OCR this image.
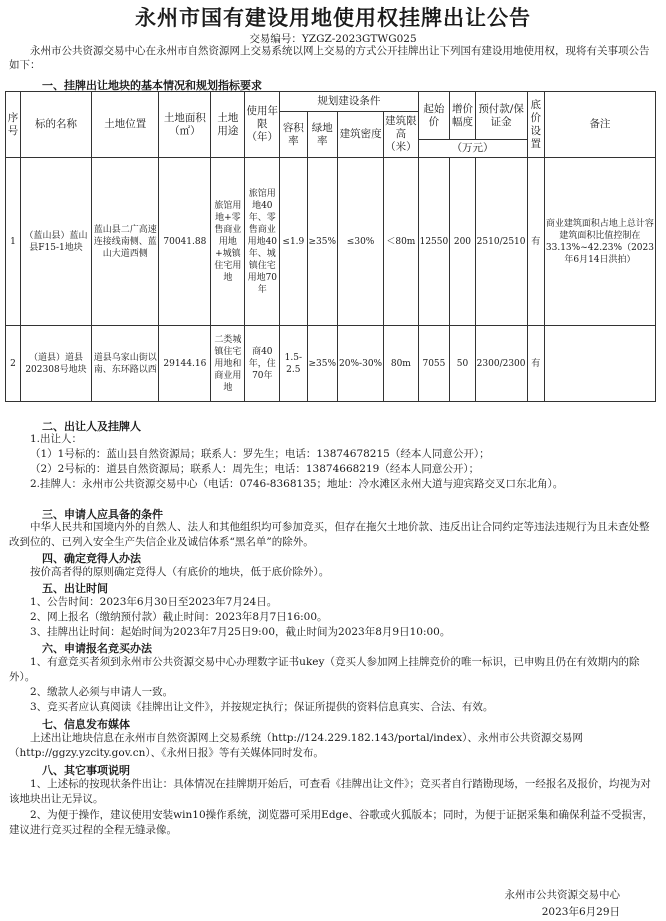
永州市国有建设用地使用权挂牌出让公告
交易编号：YZGZ-2023GTWG025
永州市公共资源交易中心在永州市自然资源网上交易系统以网上交易的方式公开挂牌出让下列国有建设用地使用权，现将有关事项公告如下：
一、挂牌出让地块的基本情况和规划指标要求
序号	标的名称	土地位置	土地面积（㎡）	土地用途	使用年限（年）	规划建设条件				起始价	增价幅度	预付款/保证金	底价设置	备注
						容积率	绿地率	建筑密度	建筑限高（米）					
										（万元）				
1	（蓝山县）蓝山县F15-1地块	蓝山县二广高速连接线南侧、蓝山大道西侧	70041.88	旅馆用地+零售商业用地+城镇住宅用地	旅馆用地40年、零售商业用地40年、城镇住宅用地70年	≤1.9	≥35%	≤30%	＜80m	12550	200	2510/2510	有	商业建筑面积占地上总计容建筑面积比值控制在33.13%~42.23%（2023年6月14日洪拍）
2	（道县）道县202308号地块	道县乌家山街以南、东环路以西	29144.16	二类城镇住宅用地和商业用地	商40年，住70年	1.5-2.5	≥35%	20%-30%	80m	7055	50	2300/2300	有	
二、出让人及挂牌人
1.出让人：
（1）1号标的：蓝山县自然资源局；联系人：罗先生；电话：13874678215（经本人同意公开）；
（2）2号标的：道县自然资源局；联系人：周先生；电话：13874668219（经本人同意公开）；
2.挂牌人：永州市公共资源交易中心（电话：0746-8368135；地址：冷水滩区永州大道与迎宾路交叉口东北角）。
三、申请人应具备的条件
中华人民共和国境内外的自然人、法人和其他组织均可参加竞买，但存在拖欠土地价款、违反出让合同约定等违法违规行为且未查处整改到位的、已列入安全生产失信企业及诚信体系“黑名单”的除外。
四、确定竞得人办法
按价高者得的原则确定竞得人（有底价的地块，低于底价除外）。
五、出让时间
1、公告时间：2023年6月30日至2023年7月24日。
2、网上报名（缴纳预付款）截止时间：2023年8月7日16:00。
3、挂牌出让时间：起始时间为2023年7月25日9:00，截止时间为2023年8月9日10:00。
六、申请报名竞买办法
1、有意竞买者须到永州市公共资源交易中心办理数字证书ukey（竞买人参加网上挂牌竞价的唯一标识，已申购且仍在有效期内的除外）。
2、缴款人必须与申请人一致。
3、竞买者应认真阅读《挂牌出让文件》，并按规定执行；保证所提供的资料信息真实、合法、有效。
七、信息发布媒体
上述出让地块信息在永州市自然资源网上交易系统（http://124.229.182.143/portal/index）、永州市公共资源交易网（http://ggzy.yzcity.gov.cn）、《永州日报》等有关媒体同时发布。
八、其它事项说明
1、上述标的按现状条件出让：具体情况在挂牌期开始后，可查看《挂牌出让文件》；竞买者自行踏勘现场，一经报名及报价，均视为对该地块出让无异议。
2、为便于操作，建议使用安装win10操作系统，浏览器可采用Edge、谷歌或火狐版本；同时，为便于证据采集和确保利益不受损害，建议进行竞买过程的全程无缝录像。
永州市公共资源交易中心
2023年6月29日
